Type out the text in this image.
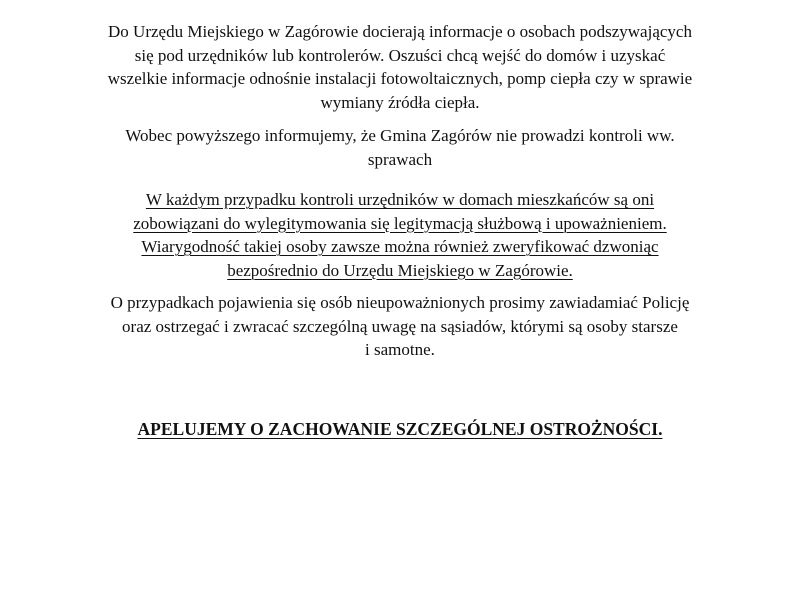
Do Urzędu Miejskiego w Zagórowie docierają informacje o osobach podszywających
się pod urzędników lub kontrolerów. Oszuści chcą wejść do domów i uzyskać
wszelkie informacje odnośnie instalacji fotowoltaicznych, pomp ciepła czy w sprawie
wymiany źródła ciepła.
Wobec powyższego informujemy, że Gmina Zagórów nie prowadzi kontroli ww.
sprawach
W każdym przypadku kontroli urzędników w domach mieszkańców są oni
zobowiązani do wylegitymowania się legitymacją służbową i upoważnieniem.
Wiarygodność takiej osoby zawsze można również zweryfikować dzwoniąc
bezpośrednio do Urzędu Miejskiego w Zagórowie.
O przypadkach pojawienia się osób nieupoważnionych prosimy zawiadamiać Policję
oraz ostrzegać i zwracać szczególną uwagę na sąsiadów, którymi są osoby starsze
i samotne.
APELUJEMY O ZACHOWANIE SZCZEGÓLNEJ OSTROŻNOŚCI.
